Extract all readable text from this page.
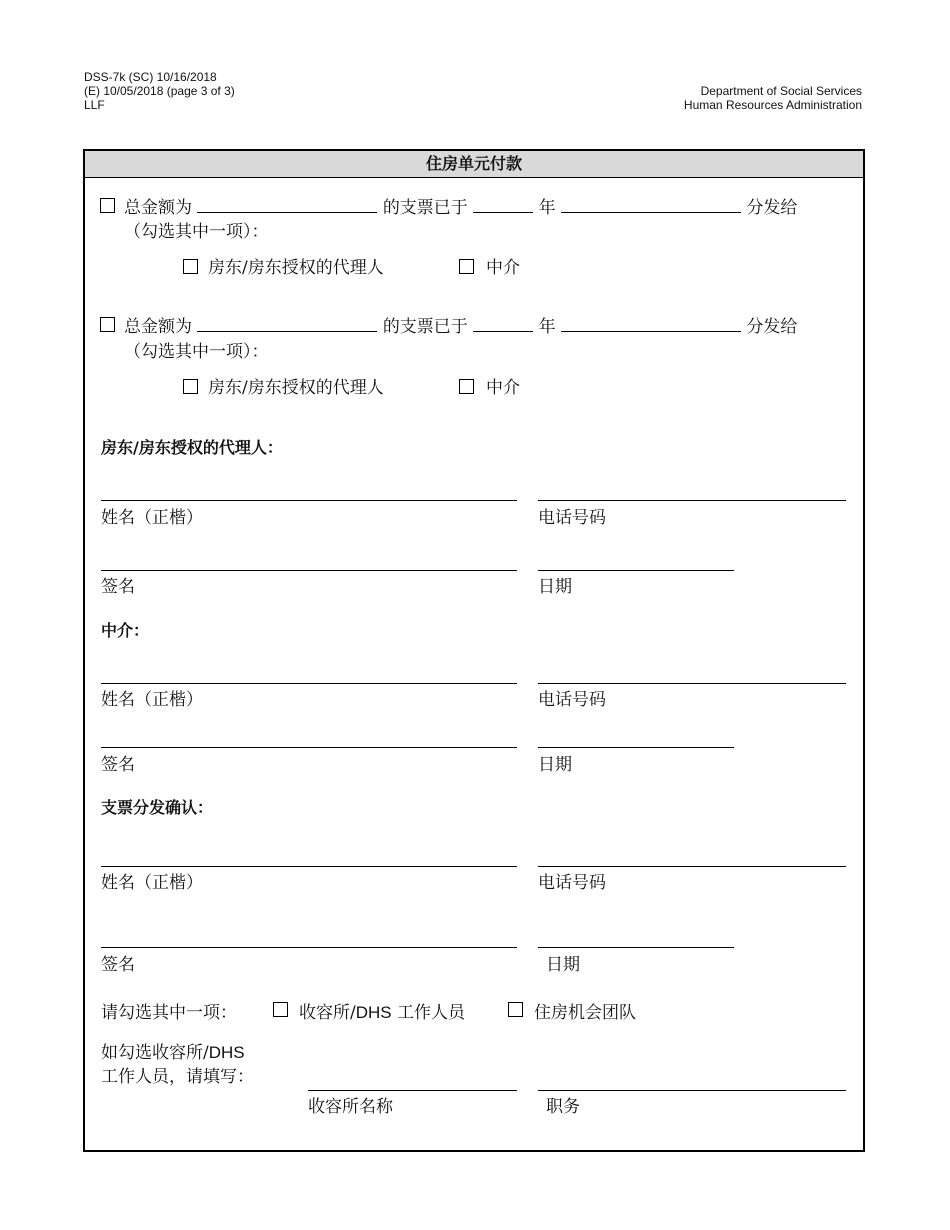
DSS-7k (SC) 10/16/2018
(E) 10/05/2018 (page 3 of 3)
LLF
Department of Social Services
Human Resources Administration
住房单元付款
总金额为	的支票已于	年	分发给
（勾选其中一项）：
房东/房东授权的代理人	中介
总金额为	的支票已于	年	分发给
（勾选其中一项）：
房东/房东授权的代理人	中介
房东/房东授权的代理人：
姓名（正楷）	电话号码
签名	日期
中介：
姓名（正楷）	电话号码
签名	日期
支票分发确认：
姓名（正楷）	电话号码
签名	日期
请勾选其中一项：	收容所/DHS 工作人员	住房机会团队
如勾选收容所/DHS
工作人员，请填写：
收容所名称	职务
